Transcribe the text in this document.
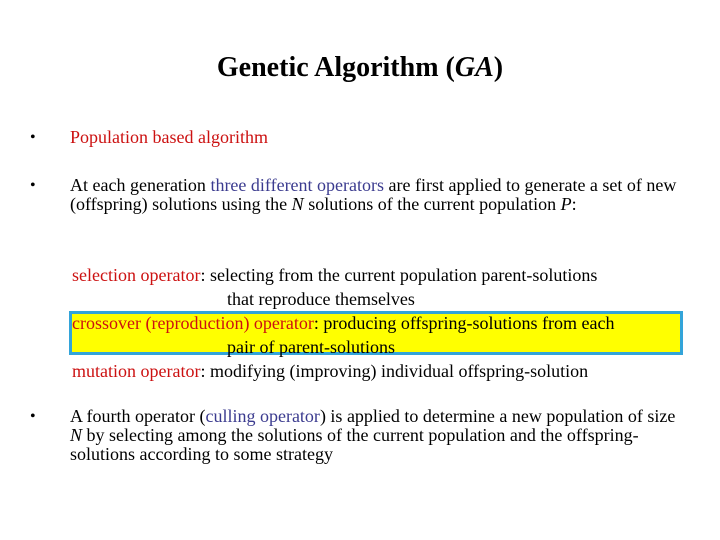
Genetic Algorithm (GA)
• Population based algorithm
• At each generation three different operators are first applied to generate a set of new (offspring) solutions using the N solutions of the current population P:
selection operator: selecting from the current population parent-solutions
that reproduce themselves
crossover (reproduction) operator: producing offspring-solutions from each
pair of parent-solutions
mutation operator: modifying (improving) individual offspring-solution
• A fourth operator (culling operator) is applied to determine a new population of size N by selecting among the solutions of the current population and the offspring-solutions according to some strategy
